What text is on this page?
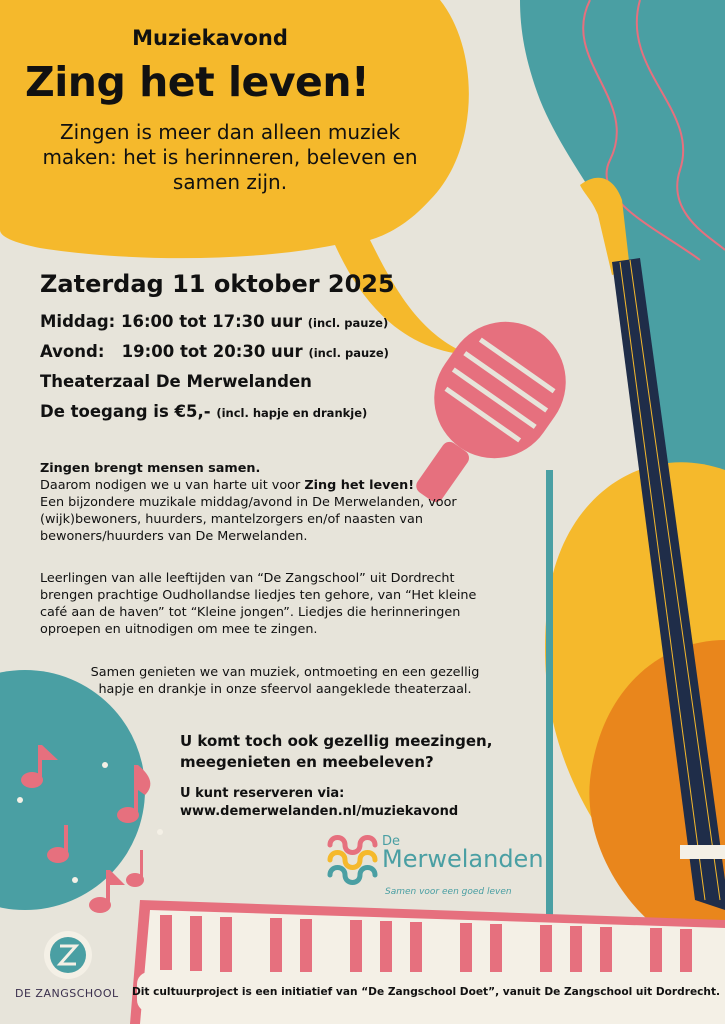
Muziekavond
Zing het leven!
Zingen is meer dan alleen muziek maken: het is herinneren, beleven en samen zijn.
Zaterdag 11 oktober 2025
Middag: 16:00 tot 17:30 uur (incl. pauze)
Avond: 19:00 tot 20:30 uur (incl. pauze)
Theaterzaal De Merwelanden
De toegang is €5,- (incl. hapje en drankje)

Zingen brengt mensen samen.

Daarom nodigen we u van harte uit voor Zing het leven!

Een bijzondere muzikale middag/avond in De Merwelanden, voor (wijk)bewoners, huurders, mantelzorgers en/of naasten van bewoners/huurders van De Merwelanden.

Leerlingen van alle leeftijden van “De Zangschool” uit Dordrecht brengen prachtige Oudhollandse liedjes ten gehore, van “Het kleine café aan de haven” tot “Kleine jongen”. Liedjes die herinneringen oproepen en uitnodigen om mee te zingen.
Samen genieten we van muziek, ontmoeting en een gezellig hapje en drankje in onze sfeervol aangeklede theaterzaal.
U komt toch ook gezellig meezingen,
meegenieten en meebeleven?
U kunt reserveren via:
www.demerwelanden.nl/muziekavond
De
Merwelanden
Samen voor een goed leven
DE ZANGSCHOOL Dit cultuurproject is een initiatief van “De Zangschool Doet”, vanuit De Zangschool uit Dordrecht.
